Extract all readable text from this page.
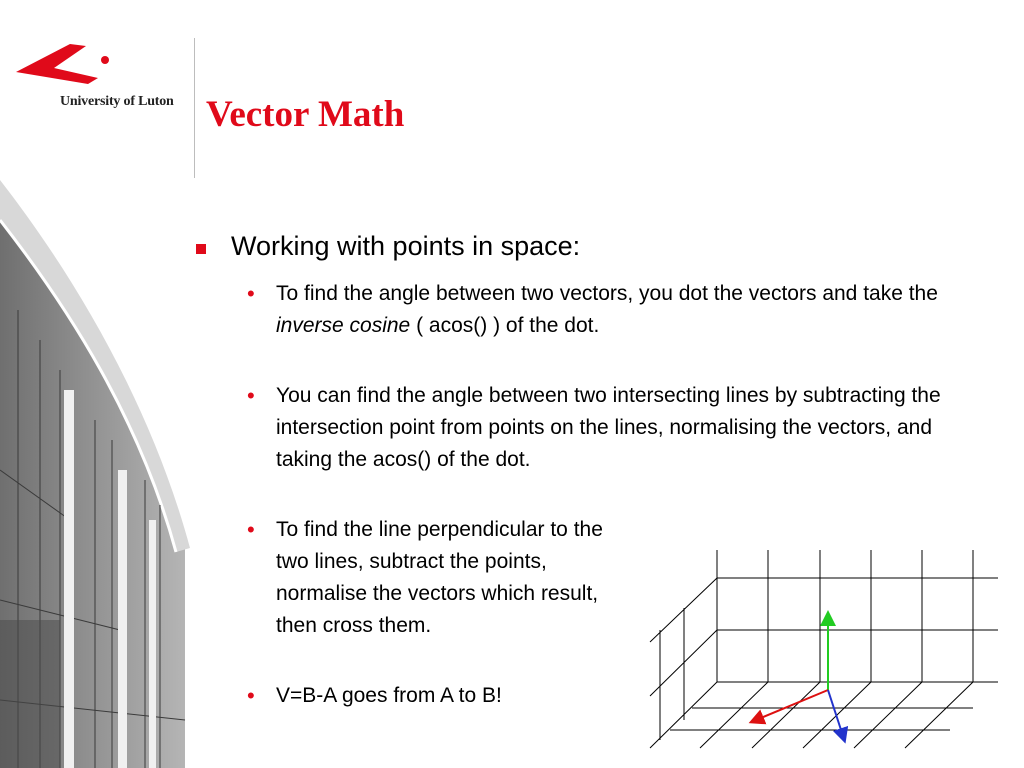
University of Luton Vector Math
Working with points in space:
• To find the angle between two vectors, you dot the vectors and take the inverse cosine ( acos() ) of the dot.

• You can find the angle between two intersecting lines by subtracting the intersection point from points on the lines, normalising the vectors, and taking the acos() of the dot.

• To find the line perpendicular to the two lines, subtract the points, normalise the vectors which result, then cross them.

• V=B-A goes from A to B!
